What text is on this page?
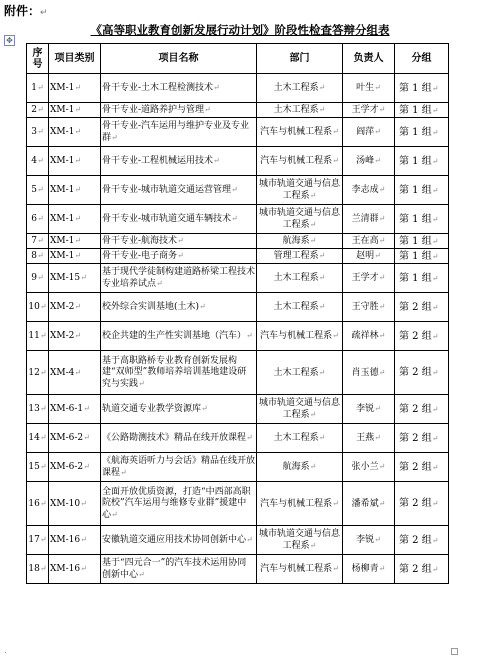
附件：↵
《高等职业教育创新发展行动计划》阶段性检查答辩分组表
✥
序号	项目类别	项目名称	部门	负责人	分组
1↵	XM-1↵	骨干专业-土木工程检测技术↵	土木工程系↵	叶生↵	第 1 组↵
2↵	XM-1↵	骨干专业-道路养护与管理↵	土木工程系↵	王学才↵	第 1 组↵
3↵	XM-1↵	骨干专业-汽车运用与维护专业及专业群↵	汽车与机械工程系↵	阎萍↵	第 1 组↵
4↵	XM-1↵	骨干专业-工程机械运用技术↵	汽车与机械工程系↵	汤峰↵	第 1 组↵
5↵	XM-1↵	骨干专业-城市轨道交通运营管理↵	城市轨道交通与信息工程系↵	李志成↵	第 1 组↵
6↵	XM-1↵	骨干专业-城市轨道交通车辆技术↵	城市轨道交通与信息工程系↵	兰清群↵	第 1 组↵
7↵	XM-1↵	骨干专业-航海技术↵	航海系↵	王在高↵	第 1 组↵
8↵	XM-1↵	骨干专业-电子商务↵	管理工程系↵	赵明↵	第 1 组↵
9↵	XM-15↵	基于现代学徒制构建道路桥梁工程技术专业培养试点↵	土木工程系↵	王学才↵	第 1 组↵
10↵	XM-2↵	校外综合实训基地(土木)↵	土木工程系↵	王守胜↵	第 2 组↵
11↵	XM-2↵	校企共建的生产性实训基地（汽车）↵	汽车与机械工程系↵	疏祥林↵	第 2 组↵
12↵	XM-4↵	基于高职路桥专业教育创新发展构建“双师型”教师培养培训基地建设研究与实践↵	土木工程系↵	肖玉德↵	第 2 组↵
13↵	XM-6-1↵	轨道交通专业教学资源库↵	城市轨道交通与信息工程系↵	李锐↵	第 2 组↵
14↵	XM-6-2↵	《公路勘测技术》精品在线开放课程↵	土木工程系↵	王燕↵	第 2 组↵
15↵	XM-6-2↵	《航海英语听力与会话》精品在线开放课程↵	航海系↵	张小兰↵	第 2 组↵
16↵	XM-10↵	全面开放优质资源，打造“中西部高职院校”汽车运用与维修专业群”援建中心↵	汽车与机械工程系↵	潘希斌↵	第 2 组↵
17↵	XM-16↵	安徽轨道交通应用技术协同创新中心↵	城市轨道交通与信息工程系↵	李锐↵	第 2 组↵
18↵	XM-16↵	基于“四元合一”的汽车技术运用协同创新中心↵	汽车与机械工程系↵	杨柳青↵	第 2 组↵
.
